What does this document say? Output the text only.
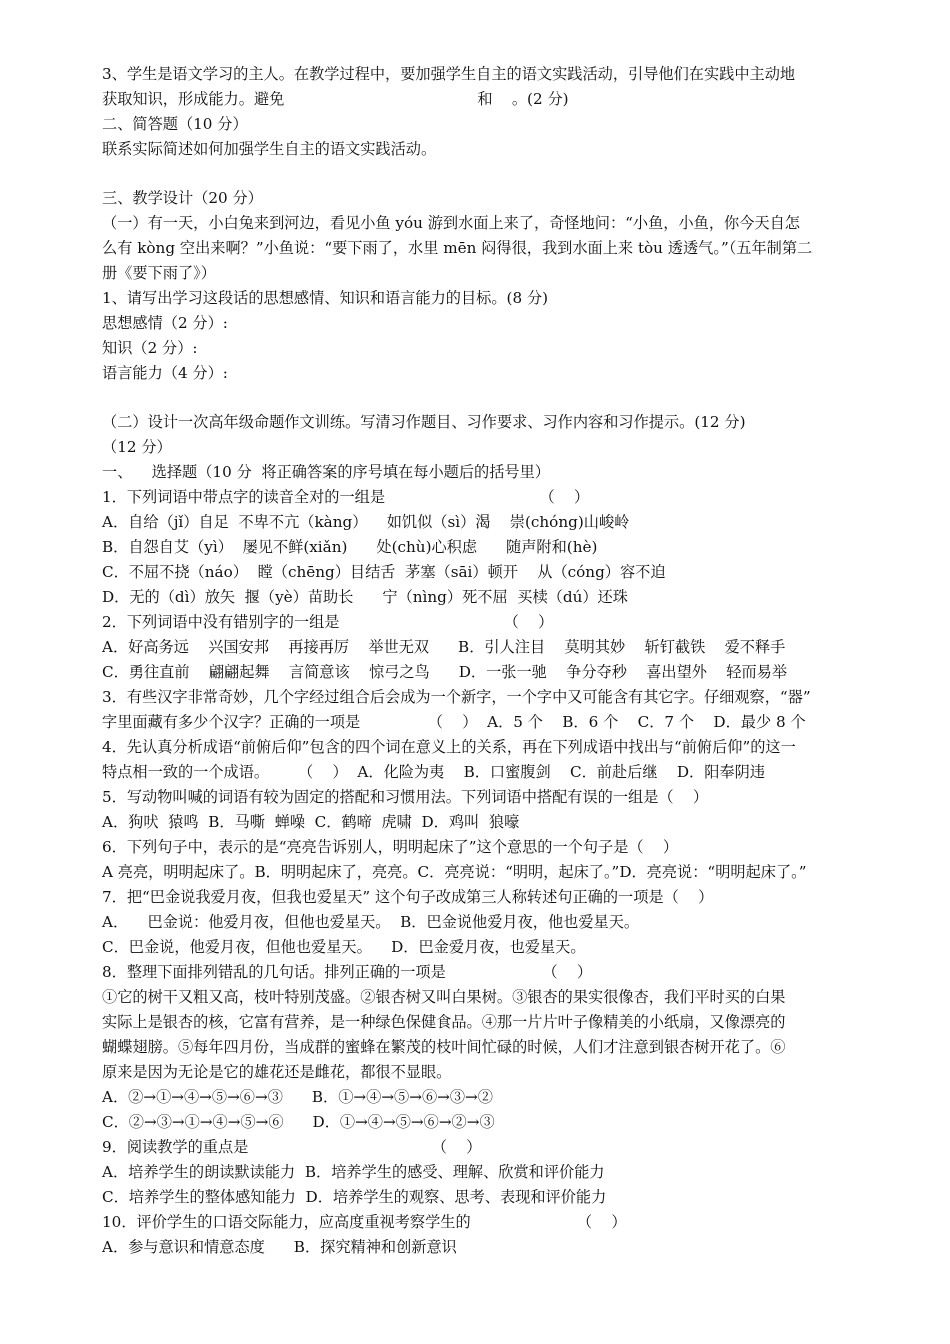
3、学生是语文学习的主人。在教学过程中，要加强学生自主的语文实践活动，引导他们在实践中主动地
获取知识，形成能力。避免                                        和    。(2 分)
二、简答题（10 分）
联系实际简述如何加强学生自主的语文实践活动。
三、教学设计（20 分）
（一）有一天，小白兔来到河边，看见小鱼 yóu 游到水面上来了，奇怪地问：“小鱼，小鱼，你今天自怎
么有 kòng 空出来啊？”小鱼说：“要下雨了，水里 mēn 闷得很，我到水面上来 tòu 透透气。”（五年制第二
册《要下雨了》）
1、请写出学习这段话的思想感情、知识和语言能力的目标。(8 分)
思想感情（2 分）:
知识（2 分）:
语言能力（4 分）:
（二）设计一次高年级命题作文训练。写清习作题目、习作要求、习作内容和习作提示。(12 分)
（12 分）
一、    选择题（10 分  将正确答案的序号填在每小题后的括号里）
1．下列词语中带点字的读音全对的一组是                                （    ）
A．自给（jǐ）自足  不卑不亢（kàng）    如饥似（sì）渴    崇(chóng)山峻岭
B．自怨自艾（yì）  屡见不鲜(xiǎn)      处(chù)心积虑      随声附和(hè)
C．不屈不挠（náo）  瞠（chēng）目结舌  茅塞（sāi）顿开    从（cóng）容不迫
D．无的（dì）放矢  揠（yè）苗助长      宁（nìng）死不屈  买椟（dú）还珠
2．下列词语中没有错别字的一组是                                  （    ）
A．好高务远    兴国安邦    再接再厉    举世无双      B．引人注目    莫明其妙    斩钉截铁    爱不释手
C．勇往直前    翩翩起舞    言简意该    惊弓之鸟      D．一张一驰    争分夺秒    喜出望外    轻而易举
3．有些汉字非常奇妙，几个字经过组合后会成为一个新字，一个字中又可能含有其它字。仔细观察，“器”
字里面藏有多少个汉字？正确的一项是              （    ）  A．5 个    B．6 个    C．7 个    D．最少 8 个
4．先认真分析成语“前俯后仰”包含的四个词在意义上的关系，再在下列成语中找出与“前俯后仰”的这一
特点相一致的一个成语。      （    ）  A．化险为夷    B．口蜜腹剑    C．前赴后继    D．阳奉阴违
5．写动物叫喊的词语有较为固定的搭配和习惯用法。下列词语中搭配有误的一组是（    ）
A．狗吠  猿鸣  B．马嘶  蝉噪  C．鹤啼  虎啸  D．鸡叫  狼嚎
6．下列句子中，表示的是“亮亮告诉别人，明明起床了”这个意思的一个句子是（    ）
A 亮亮，明明起床了。B．明明起床了，亮亮。C．亮亮说：“明明，起床了。”D．亮亮说：“明明起床了。”
7．把“巴金说我爱月夜，但我也爱星天” 这个句子改成第三人称转述句正确的一项是（    ）
A．    巴金说：他爱月夜，但他也爱星天。  B．巴金说他爱月夜，他也爱星天。
C．巴金说，他爱月夜，但他也爱星天。    D．巴金爱月夜，也爱星天。
8．整理下面排列错乱的几句话。排列正确的一项是                    （    ）
①它的树干又粗又高，枝叶特别茂盛。②银杏树又叫白果树。③银杏的果实很像杏，我们平时买的白果
实际上是银杏的核，它富有营养，是一种绿色保健食品。④那一片片叶子像精美的小纸扇，又像漂亮的
蝴蝶翅膀。⑤每年四月份，当成群的蜜蜂在繁茂的枝叶间忙碌的时候，人们才注意到银杏树开花了。⑥
原来是因为无论是它的雄花还是雌花，都很不显眼。
A．②→①→④→⑤→⑥→③      B．①→④→⑤→⑥→③→②
C．②→③→①→④→⑤→⑥      D．①→④→⑤→⑥→②→③
9．阅读教学的重点是                                      （    ）
A．培养学生的朗读默读能力  B．培养学生的感受、理解、欣赏和评价能力
C．培养学生的整体感知能力  D．培养学生的观察、思考、表现和评价能力
10．评价学生的口语交际能力，应高度重视考察学生的                      （    ）
A．参与意识和情意态度      B．探究精神和创新意识
